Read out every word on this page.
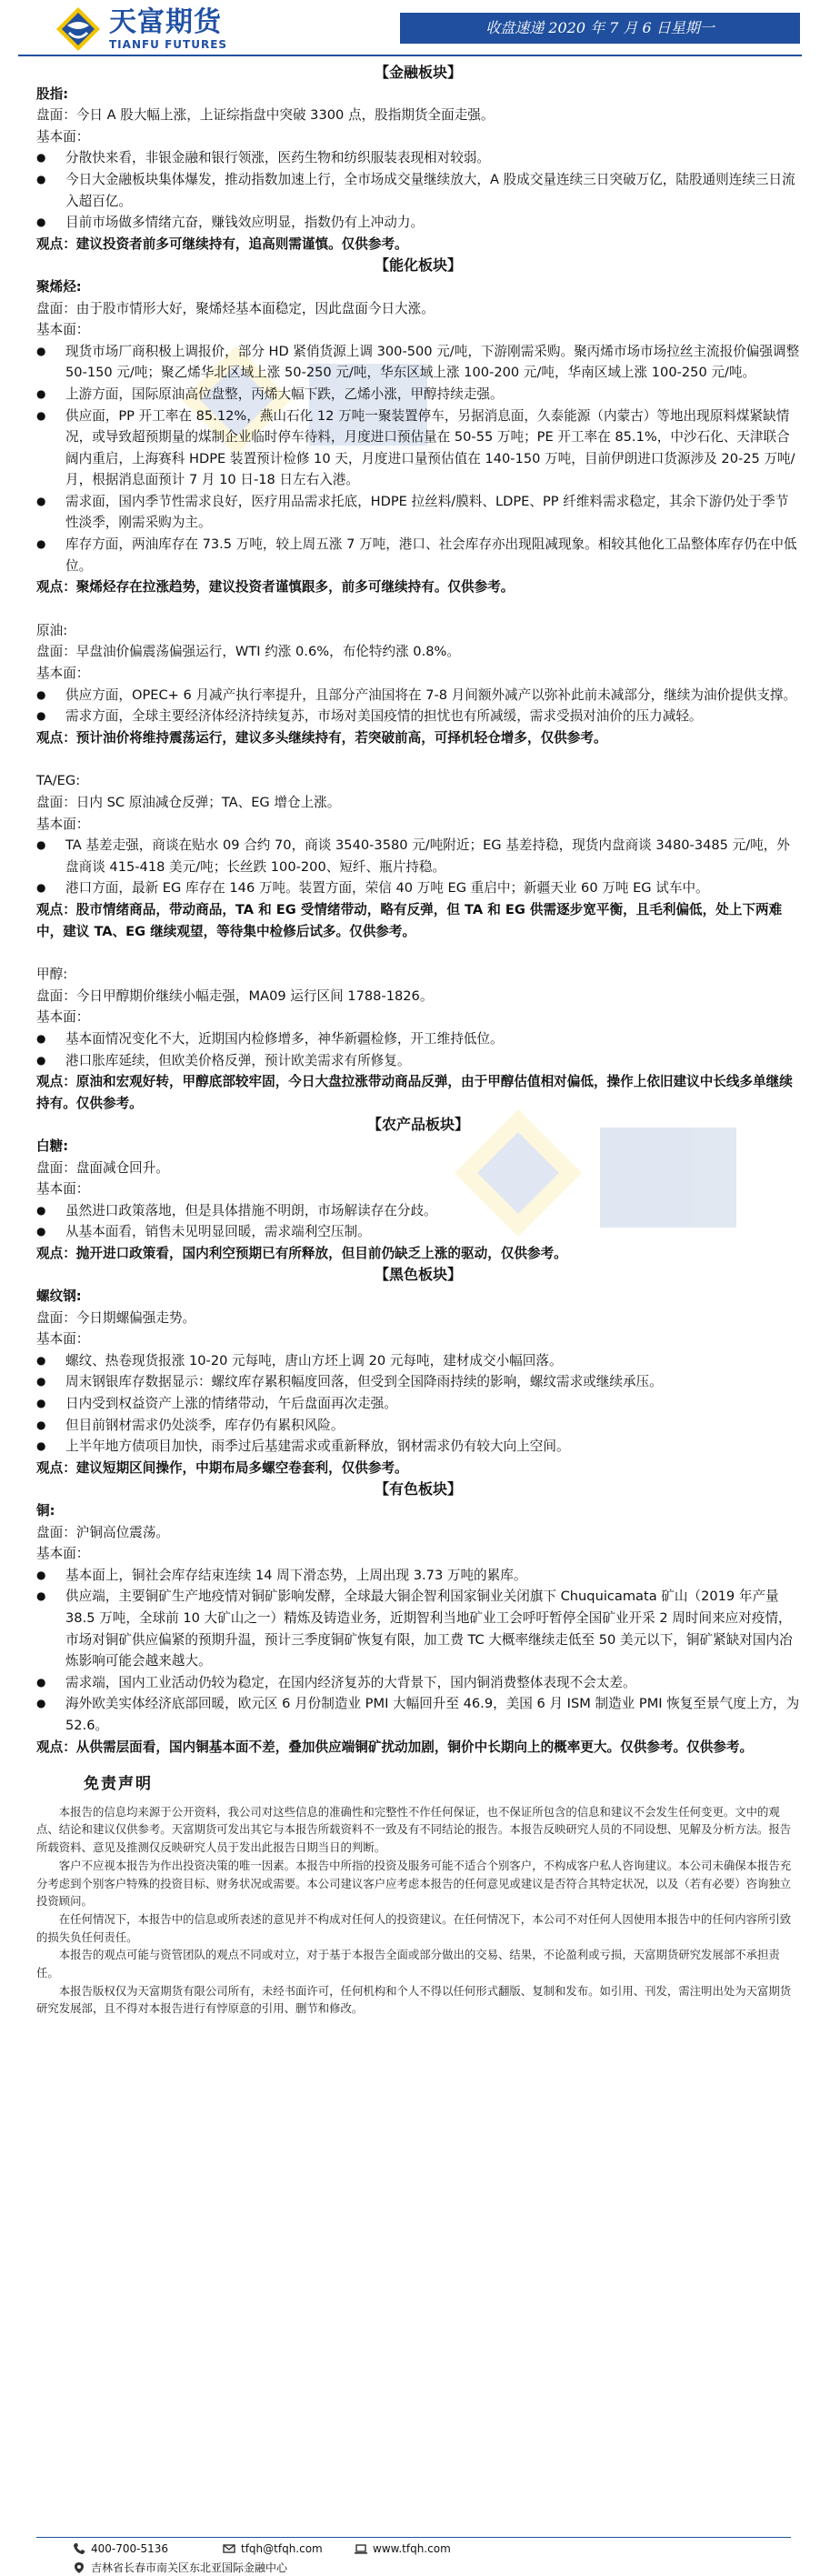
天富期货
TIANFU FUTURES
收盘速递 2020 年 7 月 6 日星期一
【金融板块】
股指:
盘面：今日 A 股大幅上涨，上证综指盘中突破 3300 点，股指期货全面走强。
基本面：
● 分散快来看，非银金融和银行领涨，医药生物和纺织服装表现相对较弱。
● 今日大金融板块集体爆发，推动指数加速上行，全市场成交量继续放大，A 股成交量连续三日突破万亿，陆股通则连续三日流入超百亿。
● 目前市场做多情绪亢奋，赚钱效应明显，指数仍有上冲动力。
观点：建议投资者前多可继续持有，追高则需谨慎。仅供参考。
【能化板块】
聚烯烃:
盘面：由于股市情形大好，聚烯烃基本面稳定，因此盘面今日大涨。
基本面：
● 现货市场厂商积极上调报价，部分 HD 紧俏货源上调 300-500 元/吨，下游刚需采购。聚丙烯市场市场拉丝主流报价偏强调整 50-150 元/吨；聚乙烯华北区域上涨 50-250 元/吨，华东区域上涨 100-200 元/吨，华南区域上涨 100-250 元/吨。
● 上游方面，国际原油高位盘整，丙烯大幅下跌，乙烯小涨，甲醇持续走强。
● 供应面，PP 开工率在 85.12%，燕山石化 12 万吨一聚装置停车，另据消息面，久泰能源（内蒙古）等地出现原料煤紧缺情况，或导致超预期量的煤制企业临时停车待料，月度进口预估量在 50-55 万吨；PE 开工率在 85.1%，中沙石化、天津联合阔内重启，上海赛科 HDPE 装置预计检修 10 天，月度进口量预估值在 140-150 万吨，目前伊朗进口货源涉及 20-25 万吨/月，根据消息面预计 7 月 10 日-18 日左右入港。
● 需求面，国内季节性需求良好，医疗用品需求托底，HDPE 拉丝料/膜料、LDPE、PP 纤维料需求稳定，其余下游仍处于季节性淡季，刚需采购为主。
● 库存方面，两油库存在 73.5 万吨，较上周五涨 7 万吨，港口、社会库存亦出现阻减现象。相较其他化工品整体库存仍在中低位。
观点：聚烯烃存在拉涨趋势，建议投资者谨慎跟多，前多可继续持有。仅供参考。
原油:
盘面：早盘油价偏震荡偏强运行，WTI 约涨 0.6%，布伦特约涨 0.8%。
基本面：
● 供应方面，OPEC+ 6 月减产执行率提升，且部分产油国将在 7-8 月间额外减产以弥补此前未减部分，继续为油价提供支撑。
● 需求方面，全球主要经济体经济持续复苏，市场对美国疫情的担忧也有所减缓，需求受损对油价的压力减轻。
观点：预计油价将维持震荡运行，建议多头继续持有，若突破前高，可择机轻仓增多，仅供参考。
TA/EG:
盘面：日内 SC 原油减仓反弹；TA、EG 增仓上涨。
基本面：
● TA 基差走强，商谈在贴水 09 合约 70，商谈 3540-3580 元/吨附近；EG 基差持稳，现货内盘商谈 3480-3485 元/吨，外盘商谈 415-418 美元/吨；长丝跌 100-200、短纤、瓶片持稳。
● 港口方面，最新 EG 库存在 146 万吨。装置方面，荣信 40 万吨 EG 重启中；新疆天业 60 万吨 EG 试车中。
观点：股市情绪商品，带动商品，TA 和 EG 受情绪带动，略有反弹，但 TA 和 EG 供需逐步宽平衡，且毛利偏低，处上下两难中，建议 TA、EG 继续观望，等待集中检修后试多。仅供参考。
甲醇:
盘面：今日甲醇期价继续小幅走强，MA09 运行区间 1788-1826。
基本面：
● 基本面情况变化不大，近期国内检修增多，神华新疆检修，开工维持低位。
● 港口胀库延续，但欧美价格反弹，预计欧美需求有所修复。
观点：原油和宏观好转，甲醇底部较牢固，今日大盘拉涨带动商品反弹，由于甲醇估值相对偏低，操作上依旧建议中长线多单继续持有。仅供参考。
【农产品板块】
白糖:
盘面：盘面减仓回升。
基本面：
● 虽然进口政策落地，但是具体措施不明朗，市场解读存在分歧。
● 从基本面看，销售未见明显回暖，需求端利空压制。
观点：抛开进口政策看，国内利空预期已有所释放，但目前仍缺乏上涨的驱动，仅供参考。
【黑色板块】
螺纹钢:
盘面：今日期螺偏强走势。
基本面：
● 螺纹、热卷现货报涨 10-20 元每吨，唐山方坯上调 20 元每吨，建材成交小幅回落。
● 周末钢银库存数据显示：螺纹库存累积幅度回落，但受到全国降雨持续的影响，螺纹需求或继续承压。
● 日内受到权益资产上涨的情绪带动，午后盘面再次走强。
● 但目前钢材需求仍处淡季，库存仍有累积风险。
● 上半年地方债项目加快，雨季过后基建需求或重新释放，钢材需求仍有较大向上空间。
观点：建议短期区间操作，中期布局多螺空卷套利，仅供参考。
【有色板块】
铜:
盘面：沪铜高位震荡。
基本面：
● 基本面上，铜社会库存结束连续 14 周下滑态势，上周出现 3.73 万吨的累库。
● 供应端，主要铜矿生产地疫情对铜矿影响发酵，全球最大铜企智利国家铜业关闭旗下 Chuquicamata 矿山（2019 年产量 38.5 万吨，全球前 10 大矿山之一）精炼及铸造业务，近期智利当地矿业工会呼吁暂停全国矿业开采 2 周时间来应对疫情，市场对铜矿供应偏紧的预期升温，预计三季度铜矿恢复有限，加工费 TC 大概率继续走低至 50 美元以下，铜矿紧缺对国内冶炼影响可能会越来越大。
● 需求端，国内工业活动仍较为稳定，在国内经济复苏的大背景下，国内铜消费整体表现不会太差。
● 海外欧美实体经济底部回暖，欧元区 6 月份制造业 PMI 大幅回升至 46.9，美国 6 月 ISM 制造业 PMI 恢复至景气度上方，为 52.6。
观点：从供需层面看，国内铜基本面不差，叠加供应端铜矿扰动加剧，铜价中长期向上的概率更大。仅供参考。仅供参考。
免责声明
本报告的信息均来源于公开资料，我公司对这些信息的准确性和完整性不作任何保证，也不保证所包含的信息和建议不会发生任何变更。文中的观点、结论和建议仅供参考。天富期货可发出其它与本报告所载资料不一致及有不同结论的报告。本报告反映研究人员的不同设想、见解及分析方法。报告所载资料、意见及推测仅反映研究人员于发出此报告日期当日的判断。
客户不应视本报告为作出投资决策的唯一因素。本报告中所指的投资及服务可能不适合个别客户，不构成客户私人咨询建议。本公司未确保本报告充分考虑到个别客户特殊的投资目标、财务状况或需要。本公司建议客户应考虑本报告的任何意见或建议是否符合其特定状况，以及（若有必要）咨询独立投资顾问。
在任何情况下，本报告中的信息或所表述的意见并不构成对任何人的投资建议。在任何情况下，本公司不对任何人因使用本报告中的任何内容所引致的损失负任何责任。
本报告的观点可能与资管团队的观点不同或对立，对于基于本报告全面或部分做出的交易、结果，不论盈利或亏损，天富期货研究发展部不承担责任。
本报告版权仅为天富期货有限公司所有，未经书面许可，任何机构和个人不得以任何形式翻版、复制和发布。如引用、刊发，需注明出处为天富期货研究发展部，且不得对本报告进行有悖原意的引用、删节和修改。
400-700-5136	tfqh@tfqh.com	www.tfqh.com
吉林省长春市南关区东北亚国际金融中心
